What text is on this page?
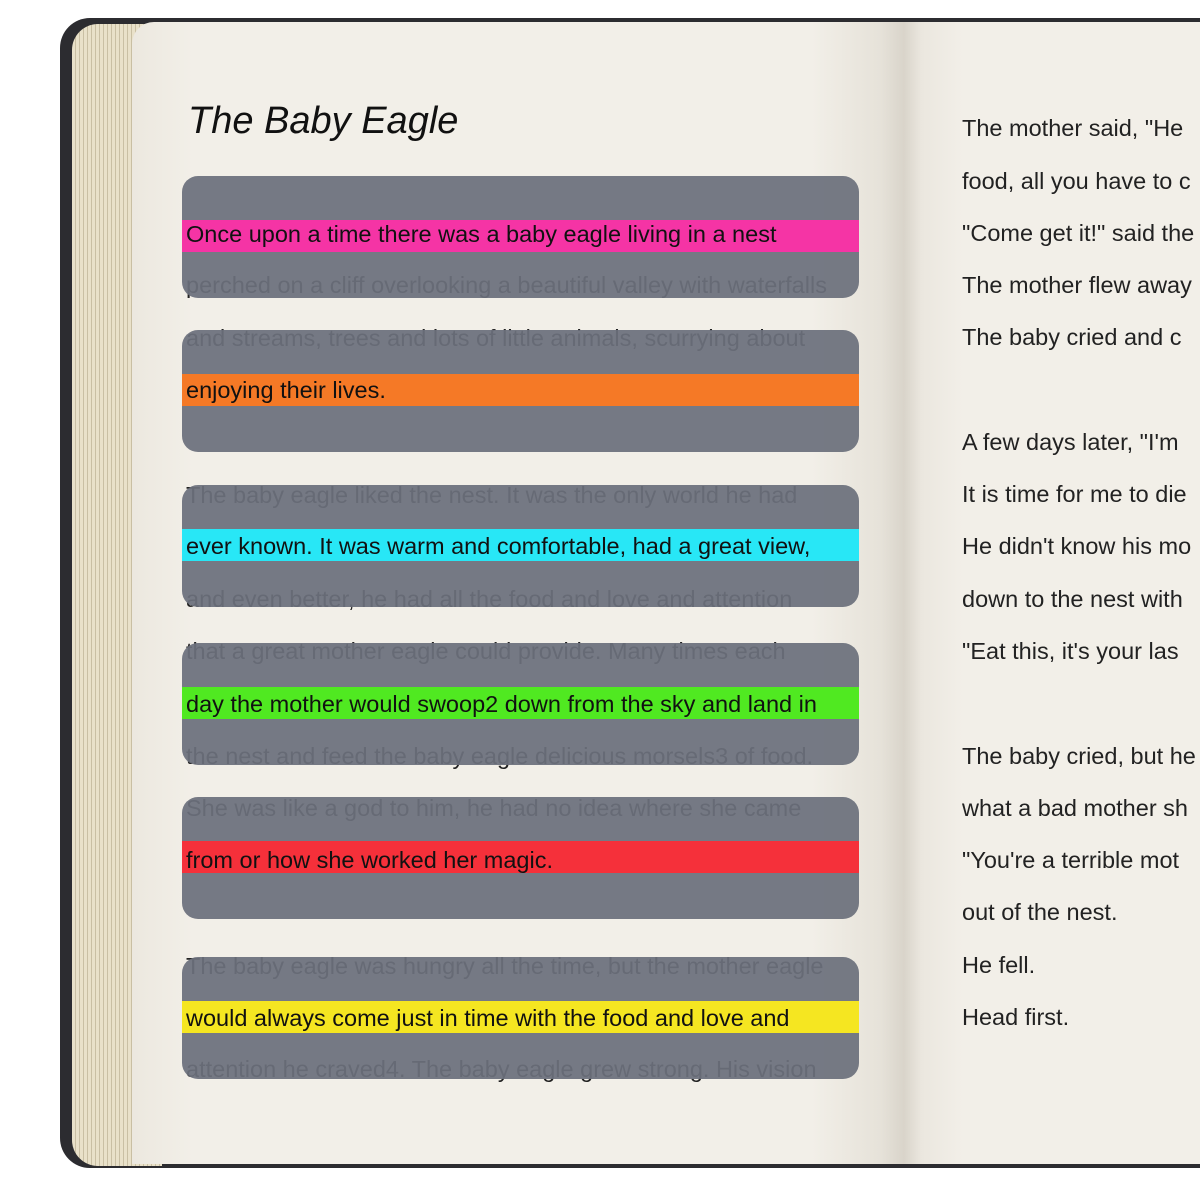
The Baby Eagle
Once upon a time there was a baby eagle living in a nest
enjoying their lives.
ever known. It was warm and comfortable, had a great view,
day the mother would swoop2 down from the sky and land in
from or how she worked her magic.
would always come just in time with the food and love and
The mother said, "He
food, all you have to c
"Come get it!" said the
The mother flew away
The baby cried and c
A few days later, "I'm
It is time for me to die
He didn't know his mo
down to the nest with
"Eat this, it's your las
The baby cried, but he
what a bad mother sh
"You're a terrible mot
out of the nest.
He fell.
Head first.
